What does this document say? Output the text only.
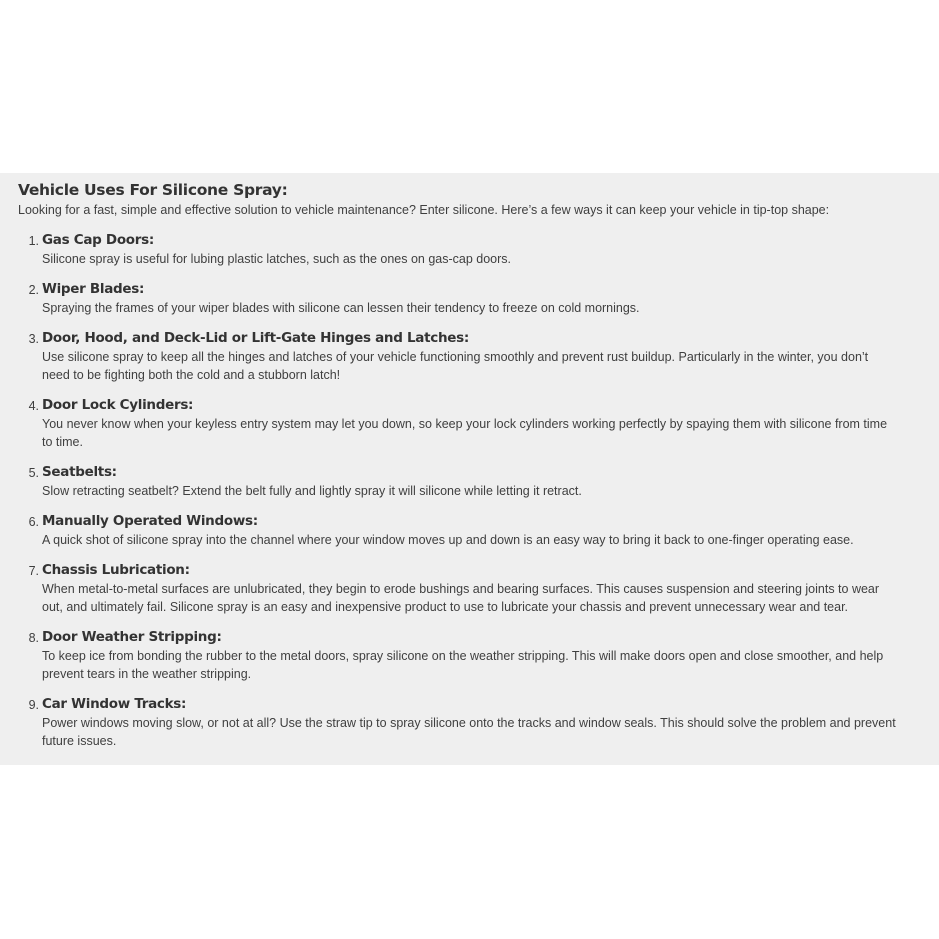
Vehicle Uses For Silicone Spray:

Looking for a fast, simple and effective solution to vehicle maintenance? Enter silicone. Here’s a few ways it can keep your vehicle in tip-top shape:

1. Gas Cap Doors:
Silicone spray is useful for lubing plastic latches, such as the ones on gas-cap doors.
2. Wiper Blades:
Spraying the frames of your wiper blades with silicone can lessen their tendency to freeze on cold mornings.
3. Door, Hood, and Deck-Lid or Lift-Gate Hinges and Latches:
Use silicone spray to keep all the hinges and latches of your vehicle functioning smoothly and prevent rust buildup. Particularly in the winter, you don’t need to be fighting both the cold and a stubborn latch!
4. Door Lock Cylinders:
You never know when your keyless entry system may let you down, so keep your lock cylinders working perfectly by spaying them with silicone from time to time.
5. Seatbelts:
Slow retracting seatbelt? Extend the belt fully and lightly spray it will silicone while letting it retract.
6. Manually Operated Windows:
A quick shot of silicone spray into the channel where your window moves up and down is an easy way to bring it back to one-finger operating ease.
7. Chassis Lubrication:
When metal-to-metal surfaces are unlubricated, they begin to erode bushings and bearing surfaces. This causes suspension and steering joints to wear out, and ultimately fail. Silicone spray is an easy and inexpensive product to use to lubricate your chassis and prevent unnecessary wear and tear.
8. Door Weather Stripping:
To keep ice from bonding the rubber to the metal doors, spray silicone on the weather stripping. This will make doors open and close smoother, and help prevent tears in the weather stripping.
9. Car Window Tracks:
Power windows moving slow, or not at all? Use the straw tip to spray silicone onto the tracks and window seals. This should solve the problem and prevent future issues.
